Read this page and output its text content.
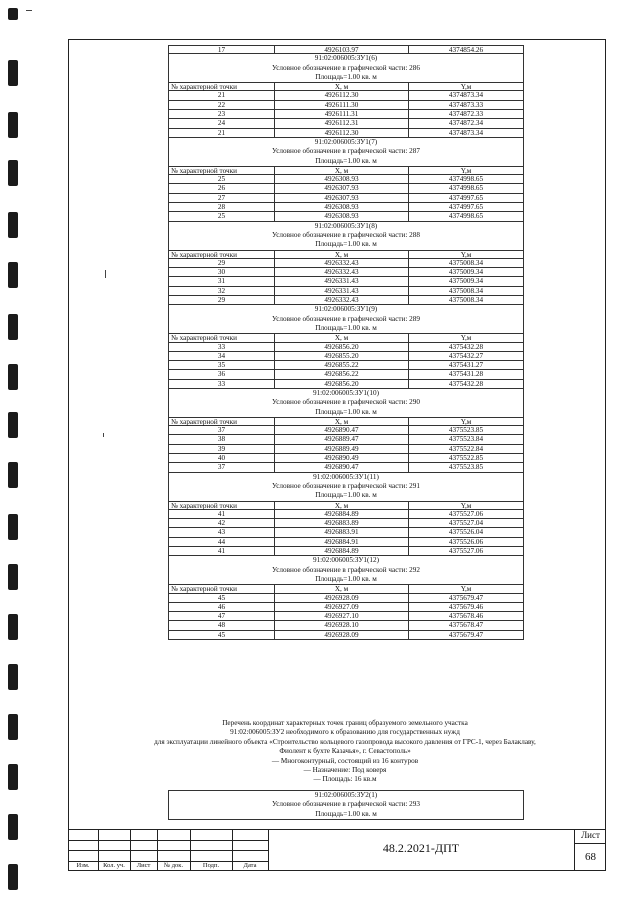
17	4926103.97	4374854.26
91:02:006005:ЗУ1(6)
Условное обозначение в графической части: 286
Площадь=1.00 кв. м
№ характерной точки	Х, м	Y,м
21	4926112.30	4374873.34
22	4926111.30	4374873.33
23	4926111.31	4374872.33
24	4926112.31	4374872.34
21	4926112.30	4374873.34
91:02:006005:ЗУ1(7)
Условное обозначение в графической части: 287
Площадь=1.00 кв. м
№ характерной точки	Х, м	Y,м
25	4926308.93	4374998.65
26	4926307.93	4374998.65
27	4926307.93	4374997.65
28	4926308.93	4374997.65
25	4926308.93	4374998.65
91:02:006005:ЗУ1(8)
Условное обозначение в графической части: 288
Площадь=1.00 кв. м
№ характерной точки	Х, м	Y,м
29	4926332.43	4375008.34
30	4926332.43	4375009.34
31	4926331.43	4375009.34
32	4926331.43	4375008.34
29	4926332.43	4375008.34
91:02:006005:ЗУ1(9)
Условное обозначение в графической части: 289
Площадь=1.00 кв. м
№ характерной точки	Х, м	Y,м
33	4926856.20	4375432.28
34	4926855.20	4375432.27
35	4926855.22	4375431.27
36	4926856.22	4375431.28
33	4926856.20	4375432.28
91:02:006005:ЗУ1(10)
Условное обозначение в графической части: 290
Площадь=1.00 кв. м
№ характерной точки	Х, м	Y,м
37	4926890.47	4375523.85
38	4926889.47	4375523.84
39	4926889.49	4375522.84
40	4926890.49	4375522.85
37	4926890.47	4375523.85
91:02:006005:ЗУ1(11)
Условное обозначение в графической части: 291
Площадь=1.00 кв. м
№ характерной точки	Х, м	Y,м
41	4926884.89	4375527.06
42	4926883.89	4375527.04
43	4926883.91	4375526.04
44	4926884.91	4375526.06
41	4926884.89	4375527.06
91:02:006005:ЗУ1(12)
Условное обозначение в графической части: 292
Площадь=1.00 кв. м
№ характерной точки	Х, м	Y,м
45	4926928.09	4375679.47
46	4926927.09	4375679.46
47	4926927.10	4375678.46
48	4926928.10	4375678.47
45	4926928.09	4375679.47
Перечень координат характерных точек границ образуемого земельного участка
91:02:006005:ЗУ2 необходимого к образованию для государственных нужд
для эксплуатации линейного объекта «Строительство кольцевого газопровода высокого давления от ГРС-1, через Балаклаву,
Фиолент к бухте Казачья», г. Севастополь»
— Многоконтурный, состоящий из 16 контуров
— Назначение: Под коверя
— Площадь: 16 кв.м
91:02:006005:ЗУ2(1)
Условное обозначение в графической части: 293
Площадь=1.00 кв. м
Изм.	Кол. уч.	Лист	№ док.	Подп.	Дата
48.2.2021-ДПТ
Лист
68
